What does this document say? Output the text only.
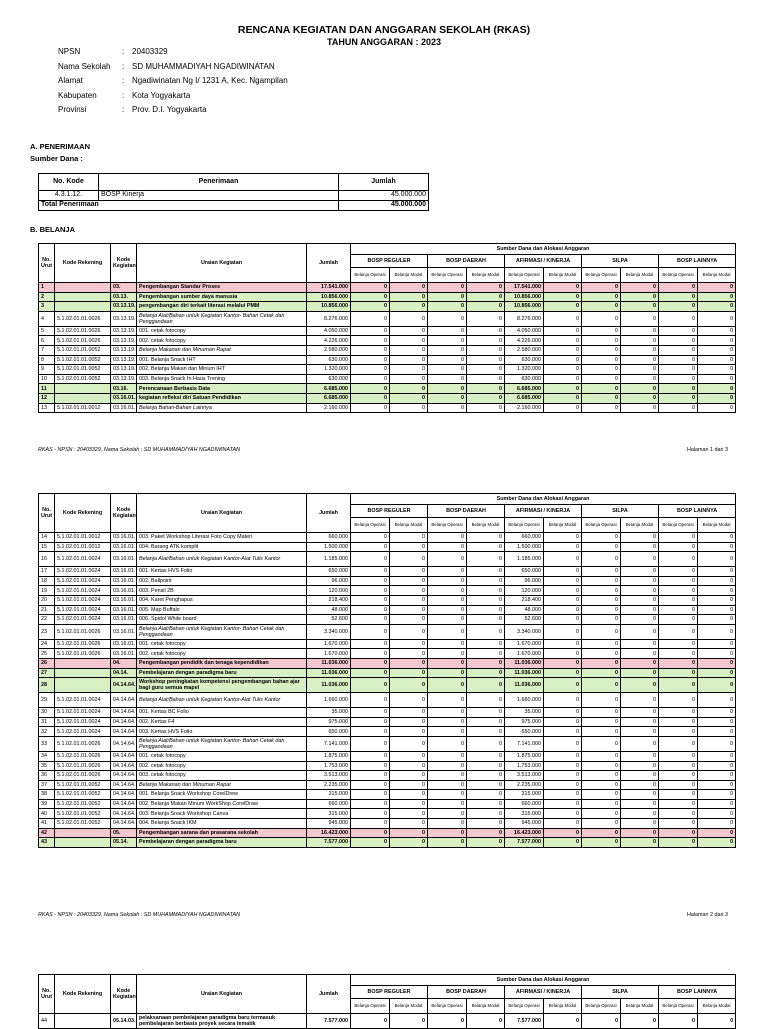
RENCANA KEGIATAN DAN ANGGARAN SEKOLAH (RKAS)
TAHUN ANGGARAN : 2023
NPSN	: 20403329
Nama Sekolah	: SD MUHAMMADIYAH NGADIWINATAN
Alamat	: Ngadiwinatan Ng I/ 1231 A, Kec. Ngampilan
Kabupaten	: Kota Yogyakarta
Provinsi	: Prov. D.I. Yogyakarta
A. PENERIMAAN
Sumber Dana :
No. Kode	Penerimaan	Jumlah
4.3.1.12.	BOSP Kinerja	45.000.000
Total Penerimaan		45.000.000
B. BELANJA
No. Urut	Kode Rekening	Kode Kegiatan	Uraian Kegiatan	Jumlah	Sumber Dana dan Alokasi Anggaran									
					BOSP REGULER		BOSP DAERAH		AFIRMASI / KINERJA		SILPA		BOSP LAINNYA	
					Belanja Operasi	Belanja Modal	Belanja Operasi	Belanja Modal	Belanja Operasi	Belanja Modal	Belanja Operasi	Belanja Modal	Belanja Operasi	Belanja Modal
1		03.	Pengembangan Standar Proses	17.541.000	0	0	0	0	17.541.000	0	0	0	0	0
2		03.13.	Pengembangan sumber daya manusia	10.856.000	0	0	0	0	10.856.000	0	0	0	0	0
3		03.13.19.	pengembangan diri terkait literasi melalui PMM	10.856.000	0	0	0	0	10.856.000	0	0	0	0	0
4	5.1.02.01.01.0026	03.13.19.	Belanja Alat/Bahan untuk Kegiatan Kantor- Bahan Cetak dan Penggandaan	8.276.000	0	0	0	0	8.276.000	0	0	0	0	0
5	5.1.02.01.01.0026	03.13.19.	001. cetak fotocopy	4.050.000	0	0	0	0	4.050.000	0	0	0	0	0
6	5.1.02.01.01.0026	03.13.19.	002. cetak fotocopy	4.226.000	0	0	0	0	4.226.000	0	0	0	0	0
7	5.1.02.01.01.0052	03.13.19.	Belanja Makanan dan Minuman Rapat	2.580.000	0	0	0	0	2.580.000	0	0	0	0	0
8	5.1.02.01.01.0052	03.13.19.	001. Belanja Snack IHT	630.000	0	0	0	0	630.000	0	0	0	0	0
9	5.1.02.01.01.0052	03.13.19.	002. Belanja Makan dan Minum IHT	1.320.000	0	0	0	0	1.320.000	0	0	0	0	0
10	5.1.02.01.01.0052	03.13.19.	003. Belanja Snack In Haus Trening	630.000	0	0	0	0	630.000	0	0	0	0	0
11		03.16.	Perencanaan Berbasis Data	6.685.000	0	0	0	0	6.685.000	0	0	0	0	0
12		03.16.01.	kegiatan refleksi diri Satuan Pendidikan	6.685.000	0	0	0	0	6.685.000	0	0	0	0	0
13	5.1.02.01.01.0012	03.16.01.	Belanja Bahan-Bahan Lainnya	2.160.000	0	0	0	0	2.160.000	0	0	0	0	0
RKAS - NPSN : 20403329, Nama Sekolah : SD MUHAMMADIYAH NGADIWINATAN	Halaman 1 dari 3
No. Urut	Kode Rekening	Kode Kegiatan	Uraian Kegiatan	Jumlah	Sumber Dana dan Alokasi Anggaran									
					BOSP REGULER		BOSP DAERAH		AFIRMASI / KINERJA		SILPA		BOSP LAINNYA	
					Belanja Operasi	Belanja Modal	Belanja Operasi	Belanja Modal	Belanja Operasi	Belanja Modal	Belanja Operasi	Belanja Modal	Belanja Operasi	Belanja Modal
14	5.1.02.01.01.0012	03.16.01.	003. Paket Workshop Literasi Foto Copy Materi	660.000	0	0	0	0	660.000	0	0	0	0	0
15	5.1.02.01.01.0012	03.16.01.	004. Barang ATK komplit	1.500.000	0	0	0	0	1.500.000	0	0	0	0	0
16	5.1.02.01.01.0024	03.16.01.	Belanja Alat/Bahan untuk Kegiatan Kantor-Alat Tulis Kantor	1.185.000	0	0	0	0	1.185.000	0	0	0	0	0
17	5.1.02.01.01.0024	03.16.01.	001. Kertas HVS Folio	650.000	0	0	0	0	650.000	0	0	0	0	0
18	5.1.02.01.01.0024	03.16.01.	002. Ballpoint	96.000	0	0	0	0	96.000	0	0	0	0	0
19	5.1.02.01.01.0024	03.16.01.	003. Pensil 2B	120.000	0	0	0	0	120.000	0	0	0	0	0
20	5.1.02.01.01.0024	03.16.01.	004. Karet Penghapus	218.400	0	0	0	0	218.400	0	0	0	0	0
21	5.1.02.01.01.0024	03.16.01.	005. Map Buffalo	48.000	0	0	0	0	48.000	0	0	0	0	0
22	5.1.02.01.01.0024	03.16.01.	006. Spidol White board	52.600	0	0	0	0	52.600	0	0	0	0	0
23	5.1.02.01.01.0026	03.16.01.	Belanja Alat/Bahan untuk Kegiatan Kantor- Bahan Cetak dan Penggandaan	3.340.000	0	0	0	0	3.340.000	0	0	0	0	0
24	5.1.02.01.01.0026	03.16.01.	001. cetak fotocopy	1.670.000	0	0	0	0	1.670.000	0	0	0	0	0
25	5.1.02.01.01.0026	03.16.01.	002. cetak fotocopy	1.670.000	0	0	0	0	1.670.000	0	0	0	0	0
26		04.	Pengembangan pendidik dan tenaga kependidikan	11.036.000	0	0	0	0	11.036.000	0	0	0	0	0
27		04.14.	Pembelajaran dengan paradigma baru	11.036.000	0	0	0	0	11.036.000	0	0	0	0	0
28		04.14.64.	Workshop peningkatan kompetensi pengembangan bahan ajar bagi guru semua mapel	11.036.000	0	0	0	0	11.036.000	0	0	0	0	0
29	5.1.02.01.01.0024	04.14.64.	Belanja Alat/Bahan untuk Kegiatan Kantor-Alat Tulis Kantor	1.660.000	0	0	0	0	1.660.000	0	0	0	0	0
30	5.1.02.01.01.0024	04.14.64.	001. Kertas BC Folio	35.000	0	0	0	0	35.000	0	0	0	0	0
31	5.1.02.01.01.0024	04.14.64.	002. Kertas F4	975.000	0	0	0	0	975.000	0	0	0	0	0
32	5.1.02.01.01.0024	04.14.64.	003. Kertas HVS Folio	650.000	0	0	0	0	650.000	0	0	0	0	0
33	5.1.02.01.01.0026	04.14.64.	Belanja Alat/Bahan untuk Kegiatan Kantor- Bahan Cetak dan Penggandaan	7.141.000	0	0	0	0	7.141.000	0	0	0	0	0
34	5.1.02.01.01.0026	04.14.64.	001. cetak fotocopy	1.875.000	0	0	0	0	1.875.000	0	0	0	0	0
35	5.1.02.01.01.0026	04.14.64.	002. cetak fotocopy	1.753.000	0	0	0	0	1.753.000	0	0	0	0	0
36	5.1.02.01.01.0026	04.14.64.	003. cetak fotocopy	3.513.000	0	0	0	0	3.513.000	0	0	0	0	0
37	5.1.02.01.01.0052	04.14.64.	Belanja Makanan dan Minuman Rapat	2.235.000	0	0	0	0	2.235.000	0	0	0	0	0
38	5.1.02.01.01.0052	04.14.64.	001. Belanja Snack Workshop CorelDrew	315.000	0	0	0	0	315.000	0	0	0	0	0
39	5.1.02.01.01.0052	04.14.64.	002. Belanja Makan Minum WorkShop CorelDraw	660.000	0	0	0	0	660.000	0	0	0	0	0
40	5.1.02.01.01.0052	04.14.64.	003. Belanja Snack Workshop Canva	315.000	0	0	0	0	315.000	0	0	0	0	0
41	5.1.02.01.01.0052	04.14.64.	004. Belanja Snack IKM	945.000	0	0	0	0	945.000	0	0	0	0	0
42		05.	Pengembangan sarana dan prasarana sekolah	16.423.000	0	0	0	0	16.423.000	0	0	0	0	0
43		05.14.	Pembelajaran dengan paradigma baru	7.577.000	0	0	0	0	7.577.000	0	0	0	0	0
RKAS - NPSN : 20403329, Nama Sekolah : SD MUHAMMADIYAH NGADIWINATAN	Halaman 2 dari 3
No. Urut	Kode Rekening	Kode Kegiatan	Uraian Kegiatan	Jumlah	Sumber Dana dan Alokasi Anggaran									
					BOSP REGULER		BOSP DAERAH		AFIRMASI / KINERJA		SILPA		BOSP LAINNYA	
					Belanja Operasi	Belanja Modal	Belanja Operasi	Belanja Modal	Belanja Operasi	Belanja Modal	Belanja Operasi	Belanja Modal	Belanja Operasi	Belanja Modal
44		05.14.03.	pelaksanaan pembelajaran paradigma baru termasuk pembelajaran berbasis proyek secara tematik	7.577.000	0	0	0	0	7.577.000	0	0	0	0	0
